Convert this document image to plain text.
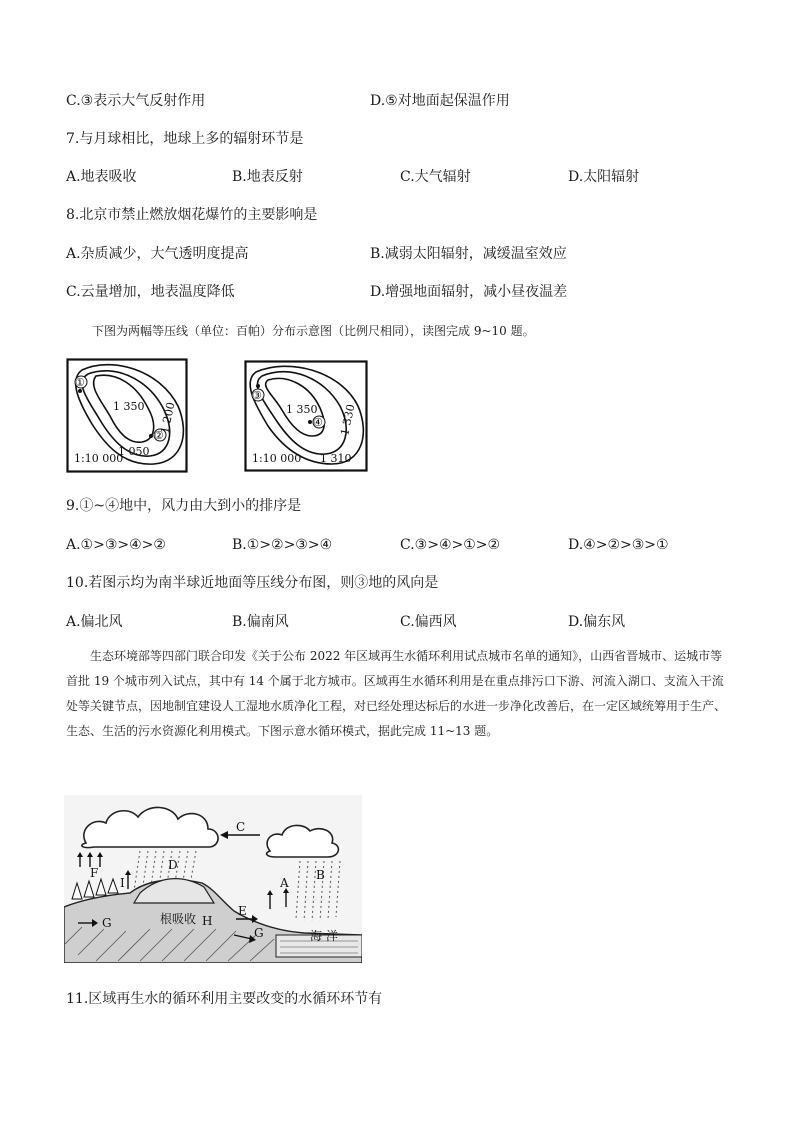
C.③表示大气反射作用	D.⑤对地面起保温作用
7.与月球相比，地球上多的辐射环节是
A.地表吸收	B.地表反射	C.大气辐射	D.太阳辐射
8.北京市禁止燃放烟花爆竹的主要影响是
A.杂质减少，大气透明度提高	B.减弱太阳辐射，减缓温室效应
C.云量增加，地表温度降低	D.增强地面辐射，减小昼夜温差
下图为两幅等压线（单位：百帕）分布示意图（比例尺相同），读图完成 9~10 题。
①
②
1 350 1 200
1 050
1:10 000
③
④
1 350 1 330
1 310
1:10 000
9.①~④地中，风力由大到小的排序是
A.①>③>④>②	B.①>②>③>④	C.③>④>①>②	D.④>②>③>①
10.若图示均为南半球近地面等压线分布图，则③地的风向是
A.偏北风	B.偏南风	C.偏西风	D.偏东风
生态环境部等四部门联合印发《关于公布 2022 年区域再生水循环利用试点城市名单的通知》，山西省晋城市、运城市等首批 19 个城市列入试点，其中有 14 个属于北方城市。区域再生水循环利用是在重点排污口下游、河流入湖口、支流入干流处等关键节点，因地制宜建设人工湿地水质净化工程，对已经处理达标后的水进一步净化改善后，在一定区域统筹用于生产、生态、生活的污水资源化利用模式。下图示意水循环模式，据此完成 11~13 题。
C
D
A
B
F
I
E
G
G
H
根吸收
海 洋
11.区域再生水的循环利用主要改变的水循环环节有
